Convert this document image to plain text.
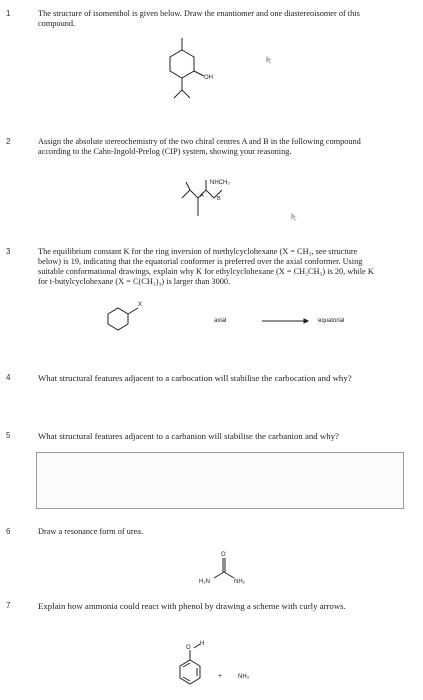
1	The structure of isomenthol is given below. Draw the enantiomer and one diastereoisomer of this compound.
OH
2	Assign the absolute stereochemistry of the two chiral centres A and B in the following compound according to the Cahn-Ingold-Prelog (CIP) system, showing your reasoning.
NHCH₃
A B
3	The equilibrium constant K for the ring inversion of methylcyclohexane (X = CH₃, see structure below) is 19, indicating that the equatorial conformer is preferred over the axial conformer. Using suitable conformational drawings, explain why K for ethylcyclohexane (X = CH₂CH₃) is 20, while K for t-butylcyclohexane (X = C(CH₃)₃) is larger than 3000.
X
axial	→ equatorial
4	What structural features adjacent to a carbocation will stabilise the carbocation and why?
5	What structural features adjacent to a carbanion will stabilise the carbanion and why?
6	Draw a resonance form of urea.
O
H₂N	NH₂
7	Explain how ammonia could react with phenol by drawing a scheme with curly arrows.
O
H
+	NH₃
